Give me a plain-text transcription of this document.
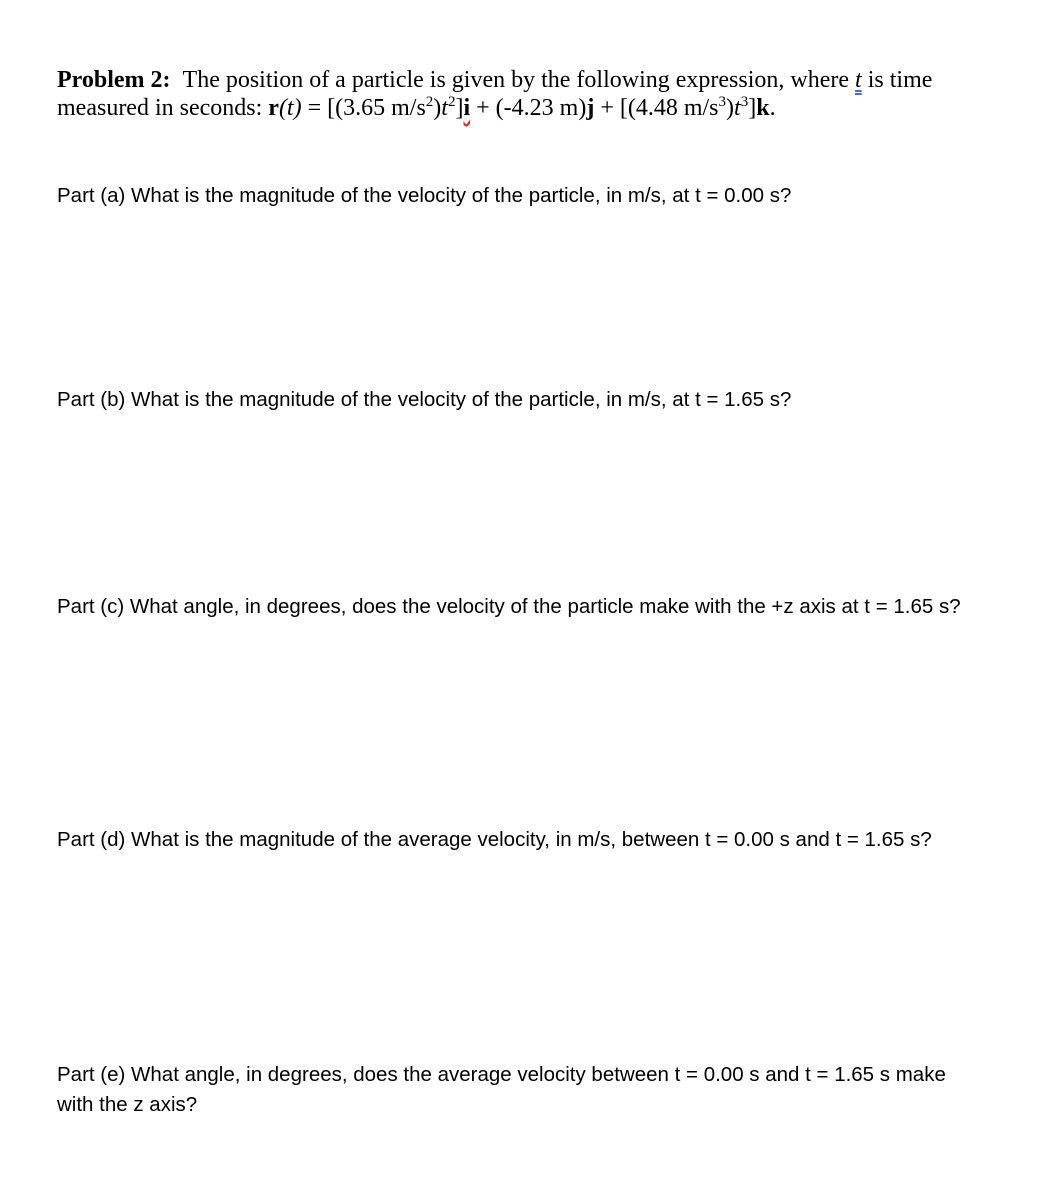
Problem 2: The position of a particle is given by the following expression, where t is time measured in seconds: r(t) = [(3.65 $m/s^2)t^2]i + (-4.23$ m)j + [(4.48 $m/s^3)t^3]k$.
Part (a) What is the magnitude of the velocity of the particle, in m/s, at t = 0.00 s?
Part (b) What is the magnitude of the velocity of the particle, in m/s, at t = 1.65 s?
Part (c) What angle, in degrees, does the velocity of the particle make with the +z axis at t = 1.65 s?
Part (d) What is the magnitude of the average velocity, in m/s, between t = 0.00 s and t = 1.65 s?
Part (e) What angle, in degrees, does the average velocity between t = 0.00 s and t = 1.65 s make with the z axis?
